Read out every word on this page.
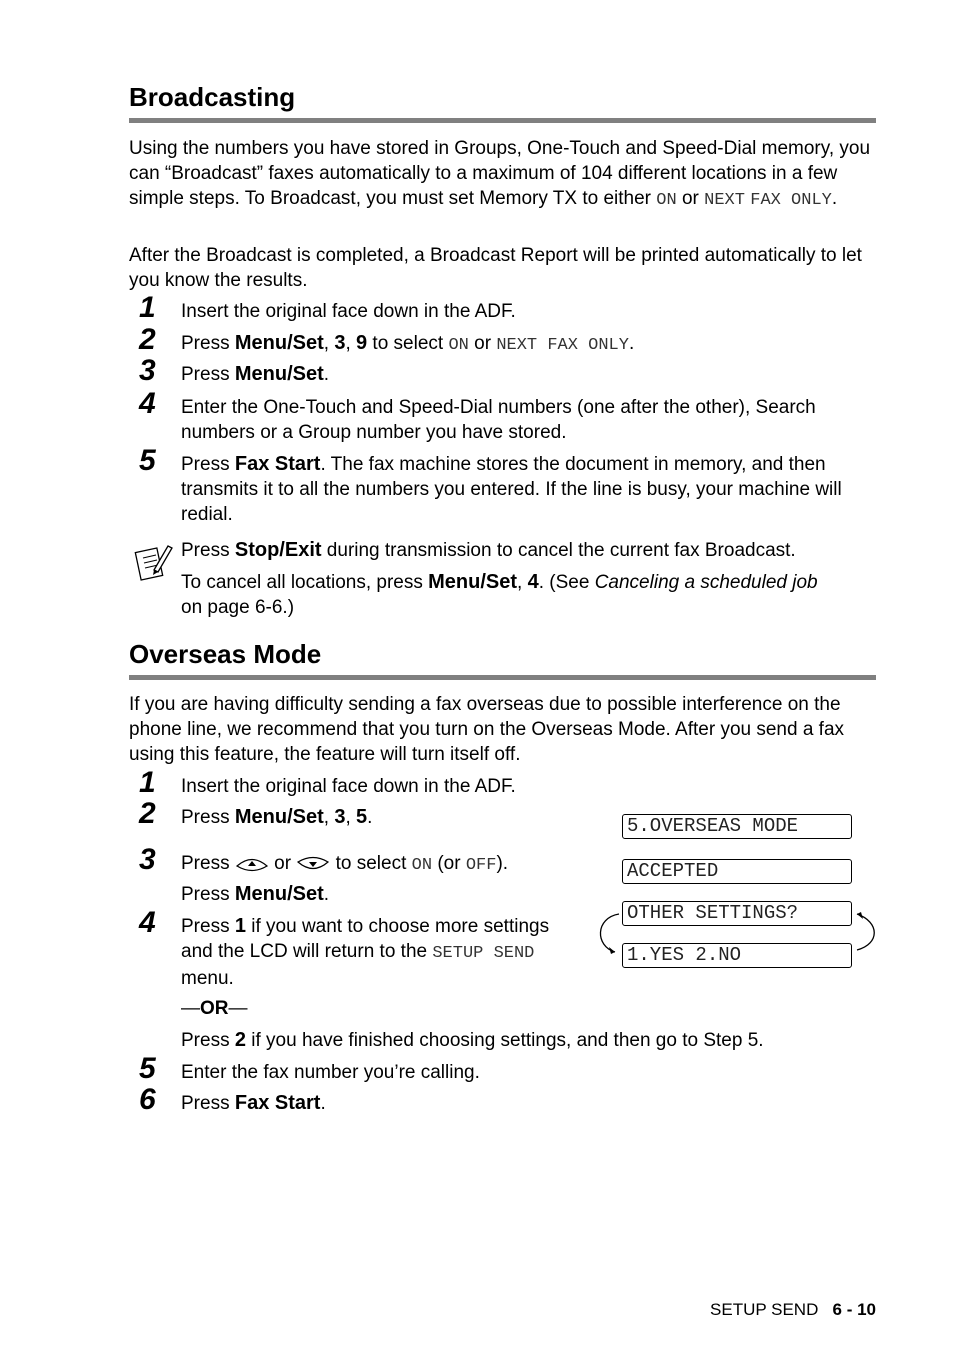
Broadcasting

Using the numbers you have stored in Groups, One-Touch and Speed-Dial memory, you can “Broadcast” faxes automatically to a maximum of 104 different locations in a few simple steps. To Broadcast, you must set Memory TX to either ON or NEXT FAX ONLY.

After the Broadcast is completed, a Broadcast Report will be printed automatically to let you know the results.

1 Insert the original face down in the ADF.
2 Press Menu/Set, 3, 9 to select ON or NEXT FAX ONLY.
3 Press Menu/Set.
4 Enter the One-Touch and Speed-Dial numbers (one after the other), Search
numbers or a Group number you have stored.
5 Press Fax Start. The fax machine stores the document in memory, and then
transmits it to all the numbers you entered. If the line is busy, your machine will
redial.
Press Stop/Exit during transmission to cancel the current fax Broadcast.
To cancel all locations, press Menu/Set, 4. (See Canceling a scheduled job
on page 6-6.)
Overseas Mode

If you are having difficulty sending a fax overseas due to possible interference on the phone line, we recommend that you turn on the Overseas Mode. After you send a fax using this feature, the feature will turn itself off.

1 Insert the original face down in the ADF.
2 Press Menu/Set, 3, 5.
3 Press  or  to select ON (or OFF).
Press Menu/Set.
4 Press 1 if you want to choose more settings
and the LCD will return to the SETUP SEND
menu.
—OR—
Press 2 if you have finished choosing settings, and then go to Step 5.
5 Enter the fax number you’re calling.
6 Press Fax Start.
5.OVERSEAS MODE
ACCEPTED
OTHER SETTINGS?
1.YES 2.NO
SETUP SEND 6 - 10
